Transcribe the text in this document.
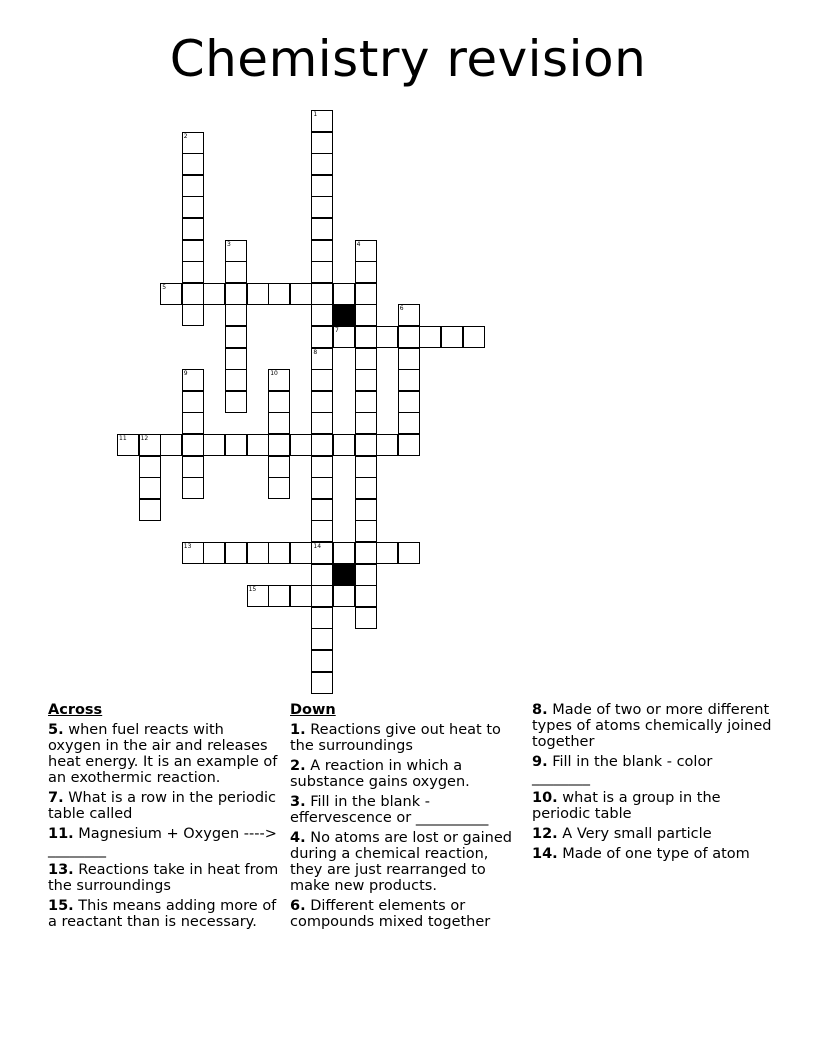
Chemistry revision
1
8
14
2
3	4
6
9	10
12
5
7
11
13
15
Across
5. when fuel reacts with oxygen in the air and releases heat energy. It is an example of an exothermic reaction.
7. What is a row in the periodic table called
11. Magnesium + Oxygen ----> ________
13. Reactions take in heat from the surroundings
15. This means adding more of a reactant than is necessary.
Down
1. Reactions give out heat to the surroundings
2. A reaction in which a substance gains oxygen.
3. Fill in the blank - effervescence or __________
4. No atoms are lost or gained during a chemical reaction, they are just rearranged to make new products.
6. Different elements or compounds mixed together
8. Made of two or more different types of atoms chemically joined together
9. Fill in the blank - color ________
10. what is a group in the periodic table
12. A Very small particle
14. Made of one type of atom
